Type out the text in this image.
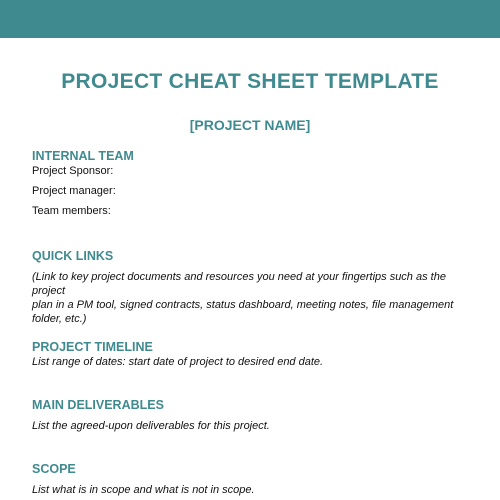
PROJECT CHEAT SHEET TEMPLATE
[PROJECT NAME]
INTERNAL TEAM
Project Sponsor:
Project manager:
Team members:
QUICK LINKS
(Link to key project documents and resources you need at your fingertips such as the project
plan in a PM tool, signed contracts, status dashboard, meeting notes, file management
folder, etc.)
PROJECT TIMELINE
List range of dates: start date of project to desired end date.
MAIN DELIVERABLES
List the agreed-upon deliverables for this project.
SCOPE
List what is in scope and what is not in scope.
